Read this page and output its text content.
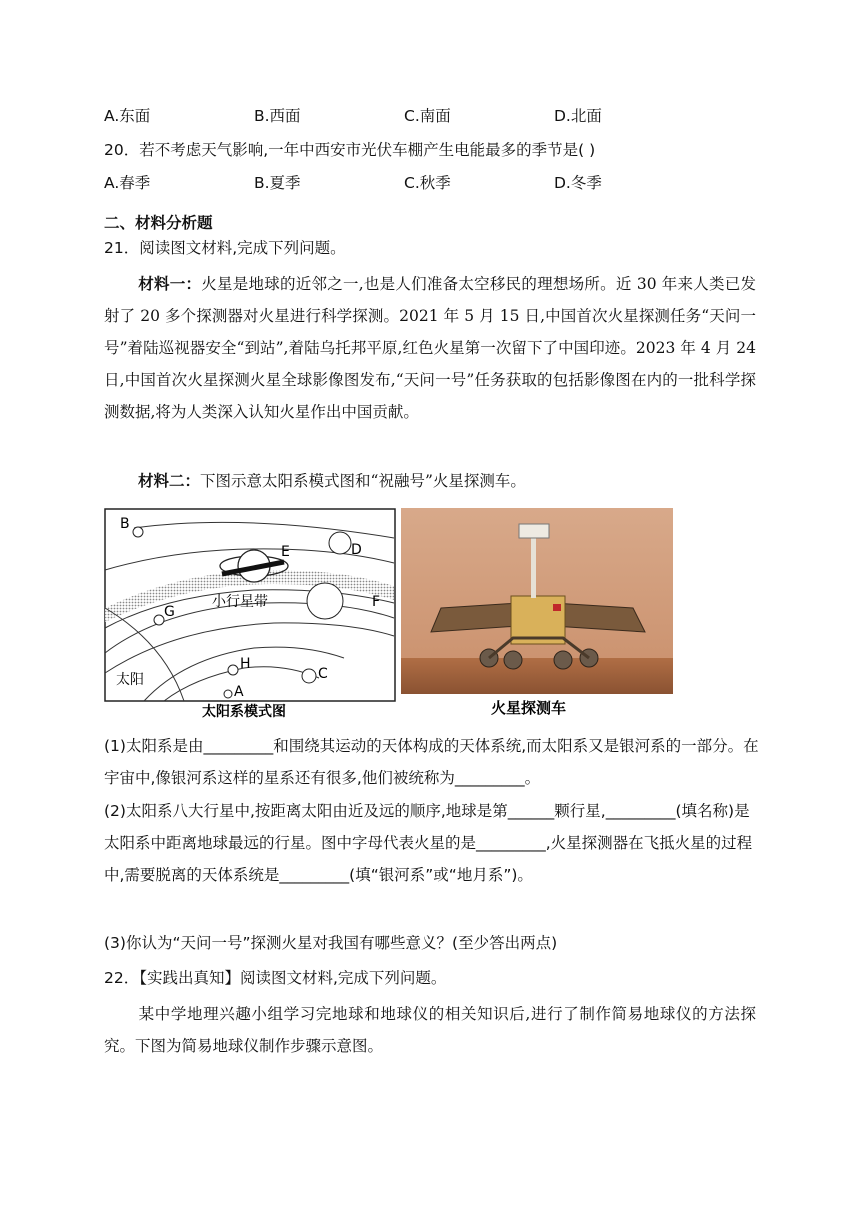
A.东面	B.西面	C.南面	D.北面
20．若不考虑天气影响,一年中西安市光伏车棚产生电能最多的季节是( )
A.春季	B.夏季	C.秋季	D.冬季
二、材料分析题
21．阅读图文材料,完成下列问题。
材料一：火星是地球的近邻之一,也是人们准备太空移民的理想场所。近 30 年来人类已发射了 20 多个探测器对火星进行科学探测。2021 年 5 月 15 日,中国首次火星探测任务“天问一号”着陆巡视器安全“到站”,着陆乌托邦平原,红色火星第一次留下了中国印迹。2023 年 4 月 24 日,中国首次火星探测火星全球影像图发布,“天问一号”任务获取的包括影像图在内的一批科学探测数据,将为人类深入认知火星作出中国贡献。
材料二：下图示意太阳系模式图和“祝融号”火星探测车。
B
E	D
F
G
H
C
A
小行星带
太阳
太阳系模式图	火星探测车
(1)太阳系是由_________和围绕其运动的天体构成的天体系统,而太阳系又是银河系的一部分。在宇宙中,像银河系这样的星系还有很多,他们被统称为_________。
(2)太阳系八大行星中,按距离太阳由近及远的顺序,地球是第______颗行星,_________(填名称)是太阳系中距离地球最远的行星。图中字母代表火星的是_________,火星探测器在飞抵火星的过程中,需要脱离的天体系统是_________(填“银河系”或“地月系”)。
(3)你认为“天问一号”探测火星对我国有哪些意义？(至少答出两点)
22．【实践出真知】阅读图文材料,完成下列问题。
某中学地理兴趣小组学习完地球和地球仪的相关知识后,进行了制作简易地球仪的方法探究。下图为简易地球仪制作步骤示意图。
